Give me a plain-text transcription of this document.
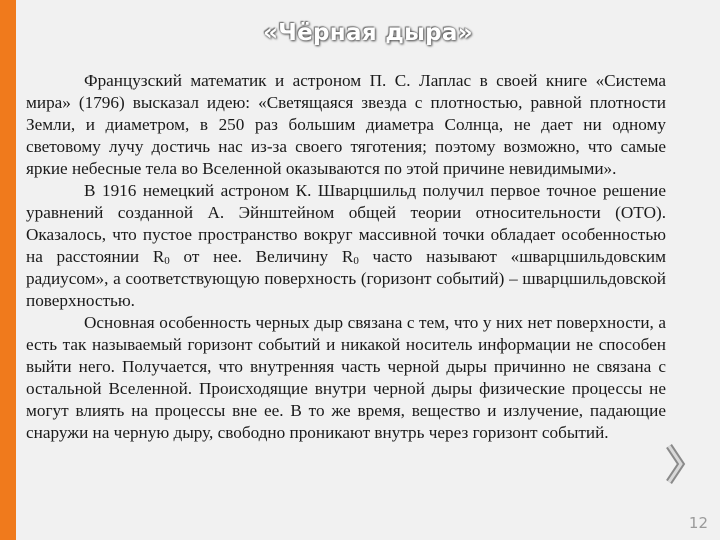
«Чёрная дыра»

Французский математик и астроном П. С. Лаплас в своей книге «Система мира» (1796) высказал идею: «Светящаяся звезда с плотностью, равной плотности Земли, и диаметром, в 250 раз большим диаметра Солнца, не дает ни одному световому лучу достичь нас из-за своего тяготения; поэтому возможно, что самые яркие небесные тела во Вселенной оказываются по этой причине невидимыми».

В 1916 немецкий астроном К. Шварцшильд получил первое точное решение уравнений созданной А. Эйнштейном общей теории относительности (ОТО). Оказалось, что пустое пространство вокруг массивной точки обладает особенностью на расстоянии $R_0$ от нее. Величину $R_0$ часто называют «шварцшильдовским радиусом», а соответствующую поверхность (горизонт событий) – шварцшильдовской поверхностью.

Основная особенность черных дыр связана с тем, что у них нет поверхности, а есть так называемый горизонт событий и никакой носитель информации не способен выйти него. Получается, что внутренняя часть черной дыры причинно не связана с остальной Вселенной. Происходящие внутри черной дыры физические процессы не могут влиять на процессы вне ее. В то же время, вещество и излучение, падающие снаружи на черную дыру, свободно проникают внутрь через горизонт событий.

12
